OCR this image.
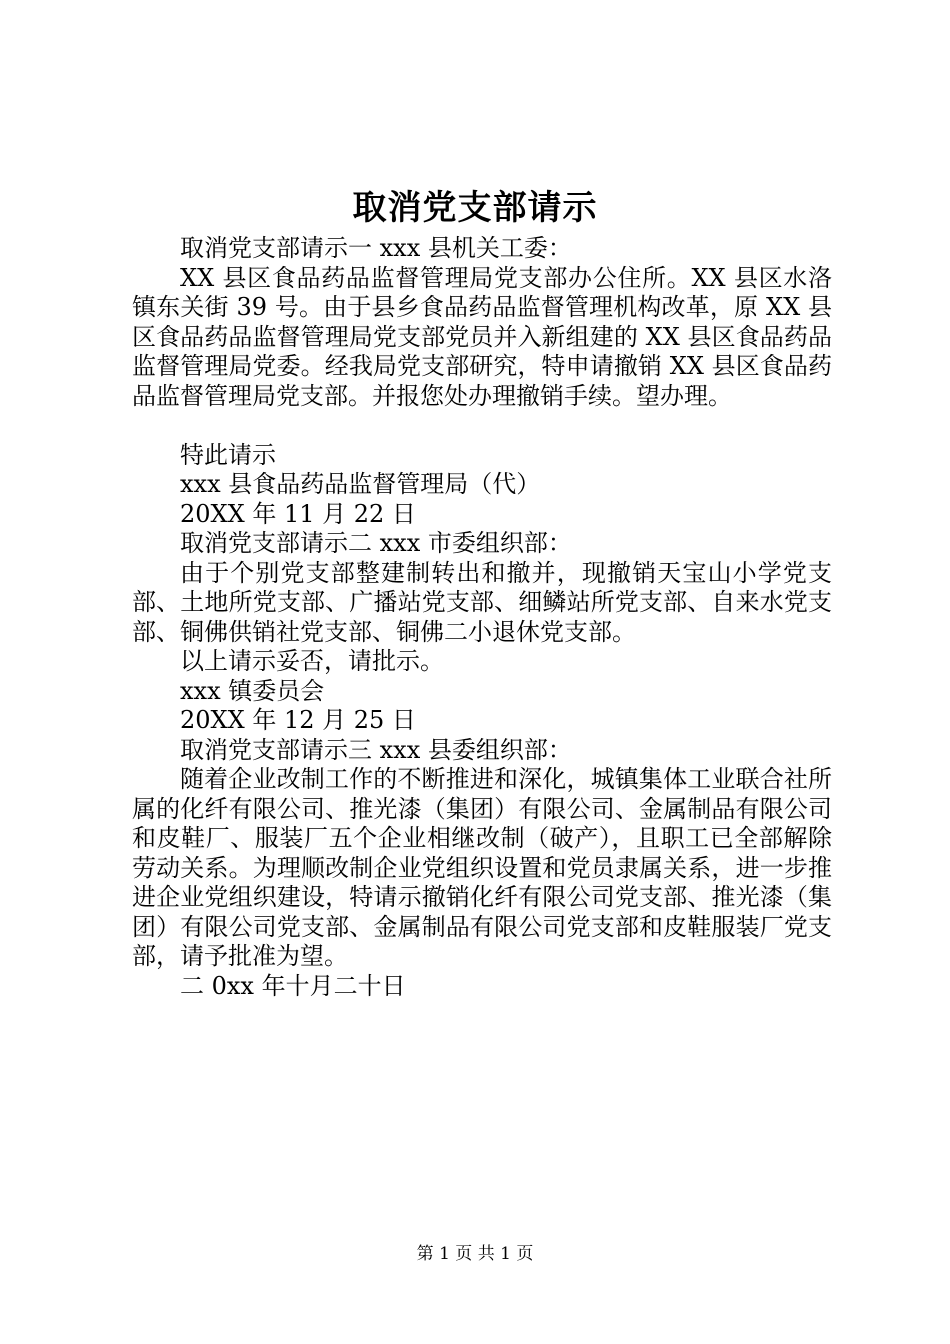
取消党支部请示

取消党支部请示一 xxx 县机关工委：

XX 县区食品药品监督管理局党支部办公住所。XX 县区水洛镇东关街 39 号。由于县乡食品药品监督管理机构改革，原 XX 县区食品药品监督管理局党支部党员并入新组建的 XX 县区食品药品监督管理局党委。经我局党支部研究，特申请撤销 XX 县区食品药品监督管理局党支部。并报您处办理撤销手续。望办理。

特此请示

xxx 县食品药品监督管理局（代）

20XX 年 11 月 22 日

取消党支部请示二 xxx 市委组织部：

由于个别党支部整建制转出和撤并，现撤销天宝山小学党支部、土地所党支部、广播站党支部、细鳞站所党支部、自来水党支部、铜佛供销社党支部、铜佛二小退休党支部。

以上请示妥否，请批示。

xxx 镇委员会

20XX 年 12 月 25 日

取消党支部请示三 xxx 县委组织部：

随着企业改制工作的不断推进和深化，城镇集体工业联合社所属的化纤有限公司、推光漆（集团）有限公司、金属制品有限公司和皮鞋厂、服装厂五个企业相继改制（破产），且职工已全部解除劳动关系。为理顺改制企业党组织设置和党员隶属关系，进一步推进企业党组织建设，特请示撤销化纤有限公司党支部、推光漆（集团）有限公司党支部、金属制品有限公司党支部和皮鞋服装厂党支部，请予批准为望。

二 0xx 年十月二十日

第 1 页 共 1 页
